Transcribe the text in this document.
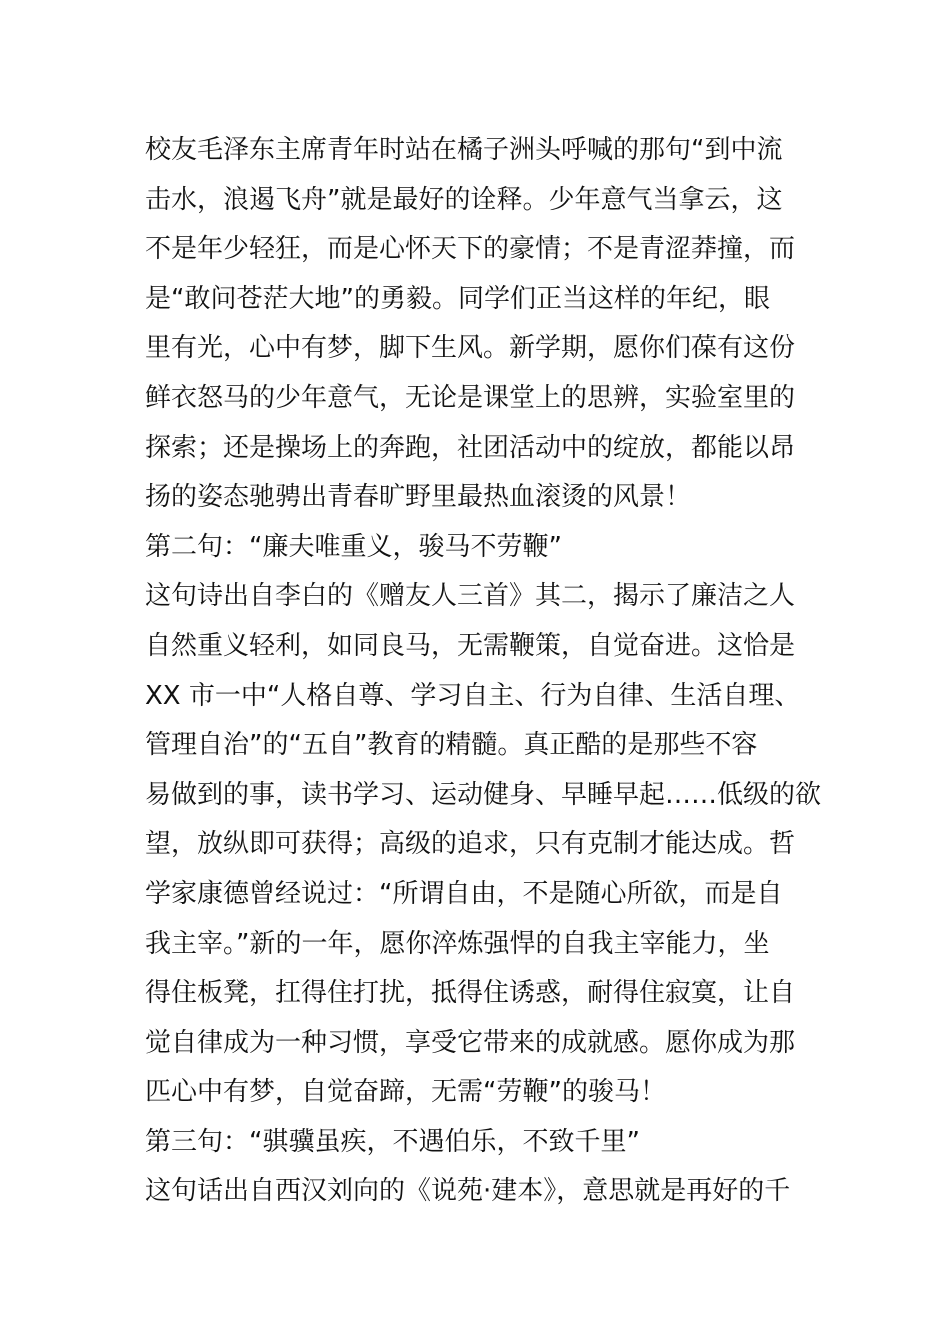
校友毛泽东主席青年时站在橘子洲头呼喊的那句“到中流
击水，浪遏飞舟”就是最好的诠释。少年意气当拿云，这
不是年少轻狂，而是心怀天下的豪情；不是青涩莽撞，而
是“敢问苍茫大地”的勇毅。同学们正当这样的年纪，眼
里有光，心中有梦，脚下生风。新学期，愿你们葆有这份
鲜衣怒马的少年意气，无论是课堂上的思辨，实验室里的
探索；还是操场上的奔跑，社团活动中的绽放，都能以昂
扬的姿态驰骋出青春旷野里最热血滚烫的风景！
第二句：“廉夫唯重义，骏马不劳鞭”
这句诗出自李白的《赠友人三首》其二，揭示了廉洁之人
自然重义轻利，如同良马，无需鞭策，自觉奋进。这恰是
XX 市一中“人格自尊、学习自主、行为自律、生活自理、
管理自治”的“五自”教育的精髓。真正酷的是那些不容
易做到的事，读书学习、运动健身、早睡早起……低级的欲
望，放纵即可获得；高级的追求，只有克制才能达成。哲
学家康德曾经说过：“所谓自由，不是随心所欲，而是自
我主宰。”新的一年，愿你淬炼强悍的自我主宰能力，坐
得住板凳，扛得住打扰，抵得住诱惑，耐得住寂寞，让自
觉自律成为一种习惯，享受它带来的成就感。愿你成为那
匹心中有梦，自觉奋蹄，无需“劳鞭”的骏马！
第三句：“骐骥虽疾，不遇伯乐，不致千里”
这句话出自西汉刘向的《说苑·建本》，意思就是再好的千
